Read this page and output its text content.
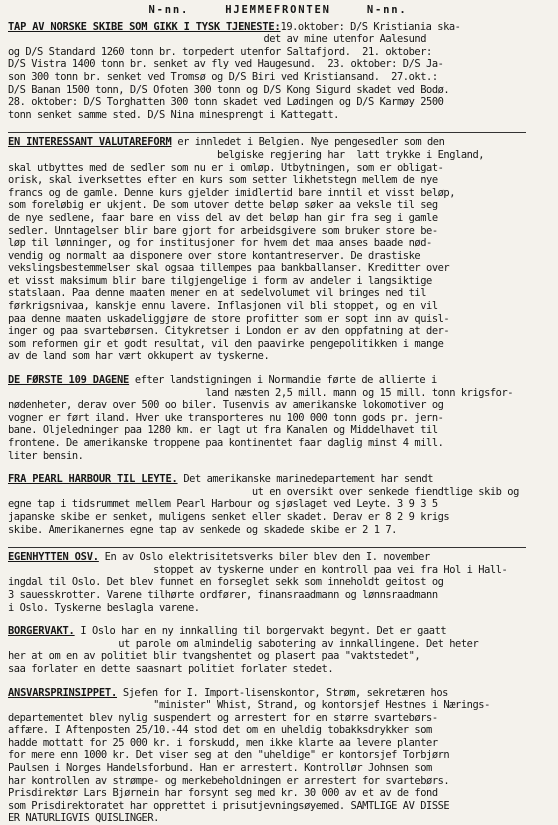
N-nn.	HJEMMEFRONTEN	N-nn.
TAP AV NORSKE SKIBE SOM GIKK I TYSK TJENESTE:19.oktober: D/S Kristiania ska-
det av mine utenfor Aalesund
og D/S Standard 1260 tonn br. torpedert utenfor Saltafjord.  21. oktober:
D/S Vistra 1400 tonn br. senket av fly ved Haugesund.  23. oktober: D/S Ja-
son 300 tonn br. senket ved Tromsø og D/S Biri ved Kristiansand.  27.okt.:
D/S Banan 1500 tonn, D/S Ofoten 300 tonn og D/S Kong Sigurd skadet ved Bodø.
28. oktober: D/S Torghatten 300 tonn skadet ved Lødingen og D/S Karmøy 2500
tonn senket samme sted. D/S Nina minesprengt i Kattegatt.
EN INTERESSANT VALUTAREFORM er innledet i Belgien. Nye pengesedler som den
belgiske regjering har  latt trykke i England,
skal utbyttes med de sedler som nu er i omløp. Utbytningen, som er obligat-
orisk, skal iverksettes efter en kurs som setter likhetstegn mellem de nye
francs og de gamle. Denne kurs gjelder imidlertid bare inntil et visst beløp,
som foreløbig er ukjent. De som utover dette beløp søker aa veksle til seg
de nye sedlene, faar bare en viss del av det beløp han gir fra seg i gamle
sedler. Unntagelser blir bare gjort for arbeidsgivere som bruker store be-
løp til lønninger, og for institusjoner for hvem det maa anses baade nød-
vendig og normalt aa disponere over store kontantreserver. De drastiske
vekslingsbestemmelser skal ogsaa tillempes paa bankballanser. Kreditter over
et visst maksimum blir bare tilgjengelige i form av andeler i langsiktige
statslaan. Paa denne maaten mener en at sedelvolumet vil bringes ned til
førkrigsnivaa, kanskje ennu lavere. Inflasjonen vil bli stoppet, og en vil
paa denne maaten uskadeliggjøre de store profitter som er sopt inn av quisl-
inger og paa svartebørsen. Citykretser i London er av den oppfatning at der-
som reformen gir et godt resultat, vil den paavirke pengepolitikken i mange
av de land som har vært okkupert av tyskerne.
DE FØRSTE 109 DAGENE efter landstigningen i Normandie førte de allierte i
land næsten 2,5 mill. mann og 15 mill. tonn krigsfor-
nødenheter, derav over 500 oo biler. Tusenvis av amerikanske lokomotiver og
vogner er ført iland. Hver uke transporteres nu 100 000 tonn gods pr. jern-
bane. Oljeledninger paa 1280 km. er lagt ut fra Kanalen og Middelhavet til
frontene. De amerikanske troppene paa kontinentet faar daglig minst 4 mill.
liter bensin.
FRA PEARL HARBOUR TIL LEYTE. Det amerikanske marinedepartement har sendt
ut en oversikt over senkede fiendtlige skib og
egne tap i tidsrummet mellem Pearl Harbour og sjøslaget ved Leyte. 3 9 3 5
japanske skibe er senket, muligens senket eller skadet. Derav er 8 2 9 krigs
skibe. Amerikanernes egne tap av senkede og skadede skibe er 2 1 7.
EGENHYTTEN OSV. En av Oslo elektrisitetsverks biler blev den I. november
stoppet av tyskerne under en kontroll paa vei fra Hol i Hall-
ingdal til Oslo. Det blev funnet en forseglet sekk som inneholdt geitost og
3 sauesskrotter. Varene tilhørte ordfører, finansraadmann og lønnsraadmann
i Oslo. Tyskerne beslagla varene.
BORGERVAKT. I Oslo har en ny innkalling til borgervakt begynt. Det er gaatt
ut parole om almindelig sabotering av innkallingene. Det heter
her at om en av politiet blir tvangshentet og plasert paa "vaktstedet",
saa forlater en dette saasnart politiet forlater stedet.
ANSVARSPRINSIPPET. Sjefen for I. Import-lisenskontor, Strøm, sekretæren hos
"minister" Whist, Strand, og kontorsjef Hestnes i Nærings-
departementet blev nylig suspendert og arrestert for en større svartebørs-
affære. I Aftenposten 25/10.-44 stod det om en uheldig tobakksdrykker som
hadde mottatt for 25 000 kr. i forskudd, men ikke klarte aa levere planter
for mere enn 1000 kr. Det viser seg at den "uheldige" er kontorsjef Torbjørn
Paulsen i Norges Handelsforbund. Han er arrestert. Kontrollør Johnsen som
har kontrollen av strømpe- og merkebeholdningen er arrestert for svartebørs.
Prisdirektør Lars Bjørnein har forsynt seg med kr. 30 000 av et av de fond
som Prisdirektoratet har opprettet i prisutjevningsøyemed. SAMTLIGE AV DISSE
ER NATURLIGVIS QUISLINGER.
